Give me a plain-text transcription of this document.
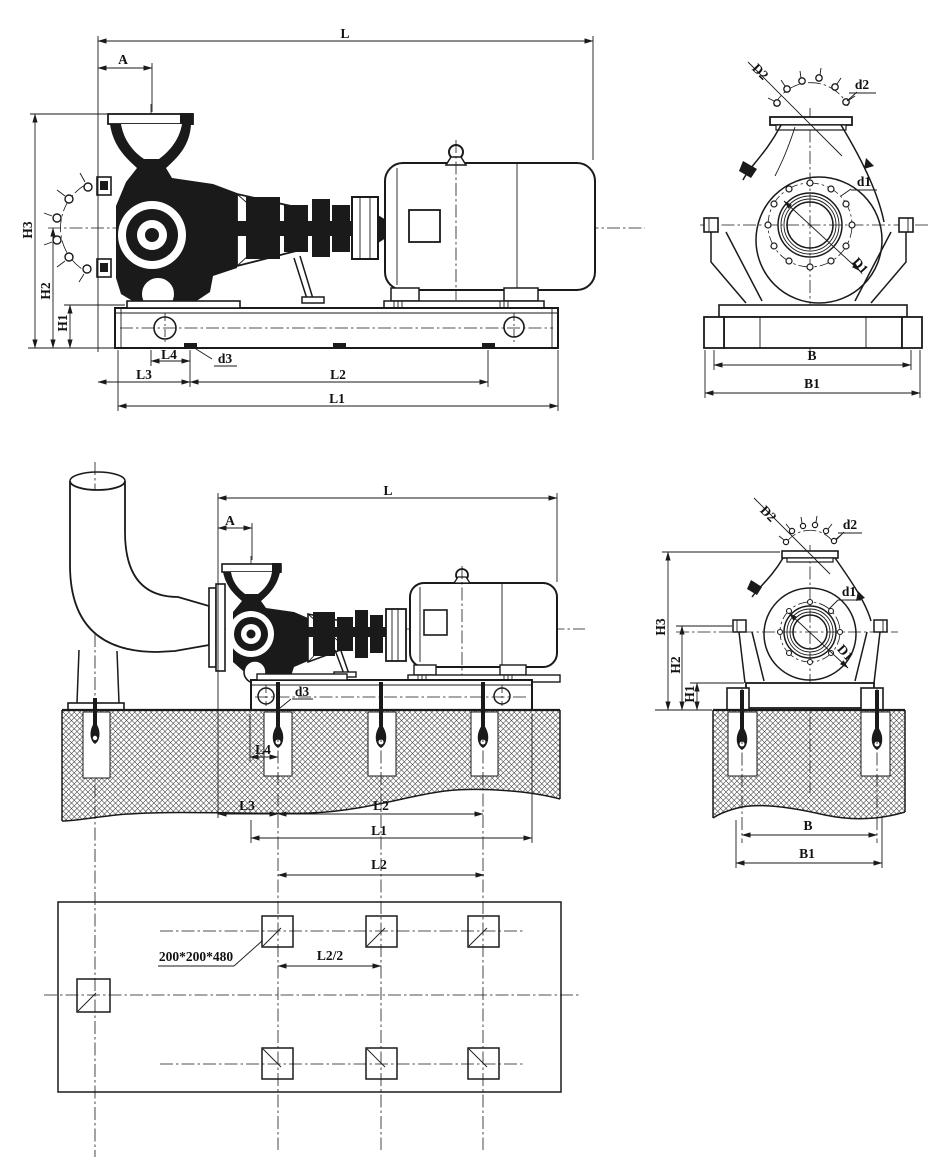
L
A
H3
H2
H1
L4	d3
L3	L2
L1
D2
d2
d1
D1
B
B1
L
A
d3
L4
L3	L2
L1
D2	d2
d1
D1
H3
H2
H1
B
B1
L2
200*200*480	L2/2
